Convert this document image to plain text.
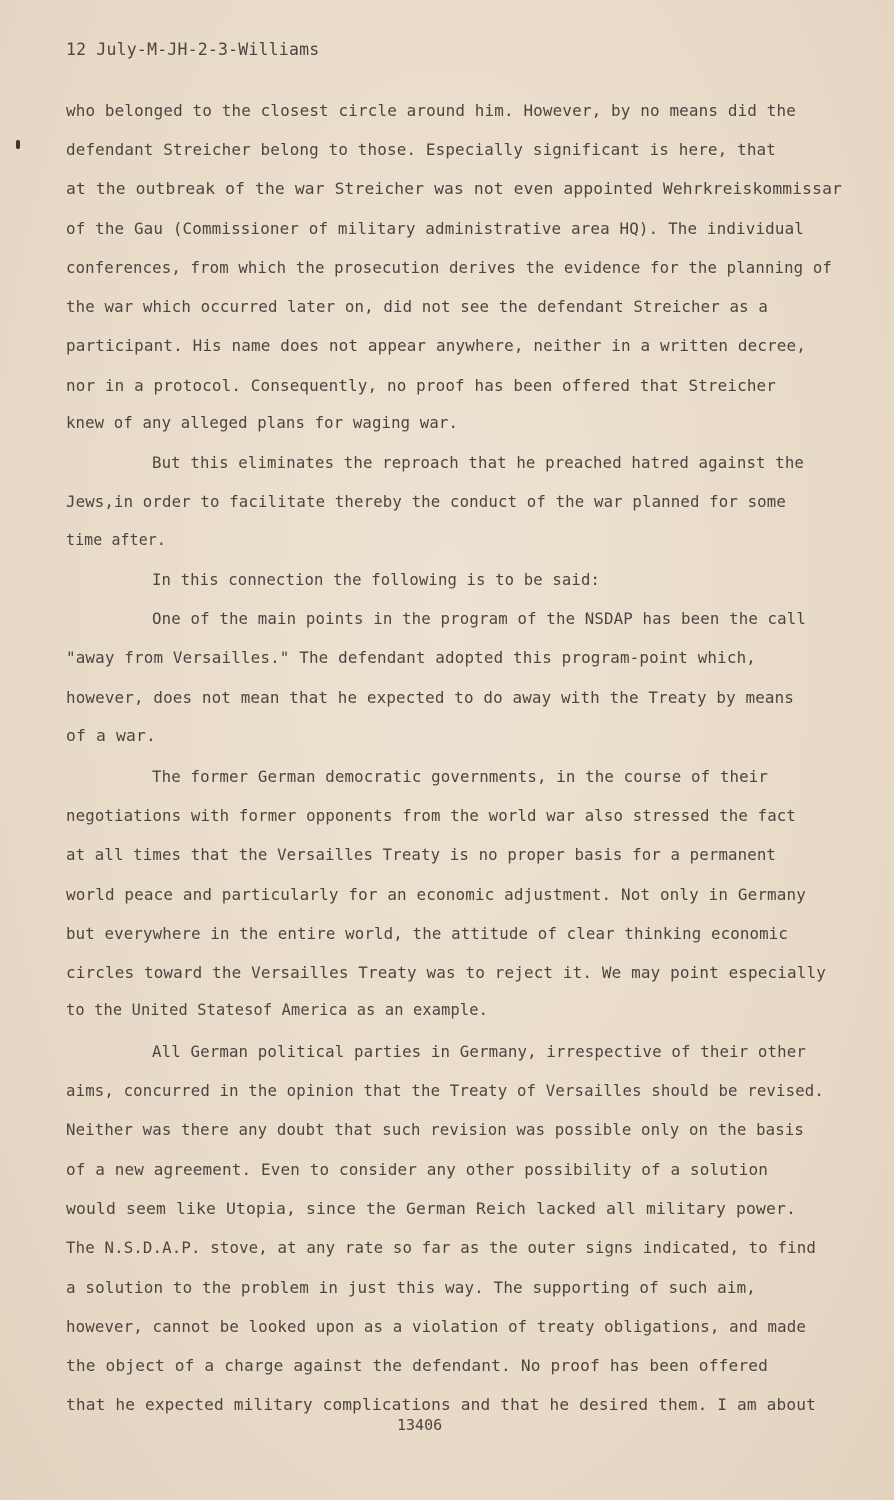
12 July-M-JH-2-3-Williams
who belonged to the closest circle around him. However, by no means did the
defendant Streicher belong to those. Especially significant is here, that
at the outbreak of the war Streicher was not even appointed Wehrkreiskommissar
of the Gau (Commissioner of military administrative area HQ). The individual
conferences, from which the prosecution derives the evidence for the planning of
the war which occurred later on, did not see the defendant Streicher as a
participant. His name does not appear anywhere, neither in a written decree,
nor in a protocol. Consequently, no proof has been offered that Streicher
knew of any alleged plans for waging war.
But this eliminates the reproach that he preached hatred against the
Jews,in order to facilitate thereby the conduct of the war planned for some
time after.
In this connection the following is to be said:
One of the main points in the program of the NSDAP has been the call
"away from Versailles." The defendant adopted this program-point which,
however, does not mean that he expected to do away with the Treaty by means
of a war.
The former German democratic governments, in the course of their
negotiations with former opponents from the world war also stressed the fact
at all times that the Versailles Treaty is no proper basis for a permanent
world peace and particularly for an economic adjustment. Not only in Germany
but everywhere in the entire world, the attitude of clear thinking economic
circles toward the Versailles Treaty was to reject it. We may point especially
to the United Statesof America as an example.
All German political parties in Germany, irrespective of their other
aims, concurred in the opinion that the Treaty of Versailles should be revised.
Neither was there any doubt that such revision was possible only on the basis
of a new agreement. Even to consider any other possibility of a solution
would seem like Utopia, since the German Reich lacked all military power.
The N.S.D.A.P. stove, at any rate so far as the outer signs indicated, to find
a solution to the problem in just this way. The supporting of such aim,
however, cannot be looked upon as a violation of treaty obligations, and made
the object of a charge against the defendant. No proof has been offered
that he expected military complications and that he desired them. I am about
13406
